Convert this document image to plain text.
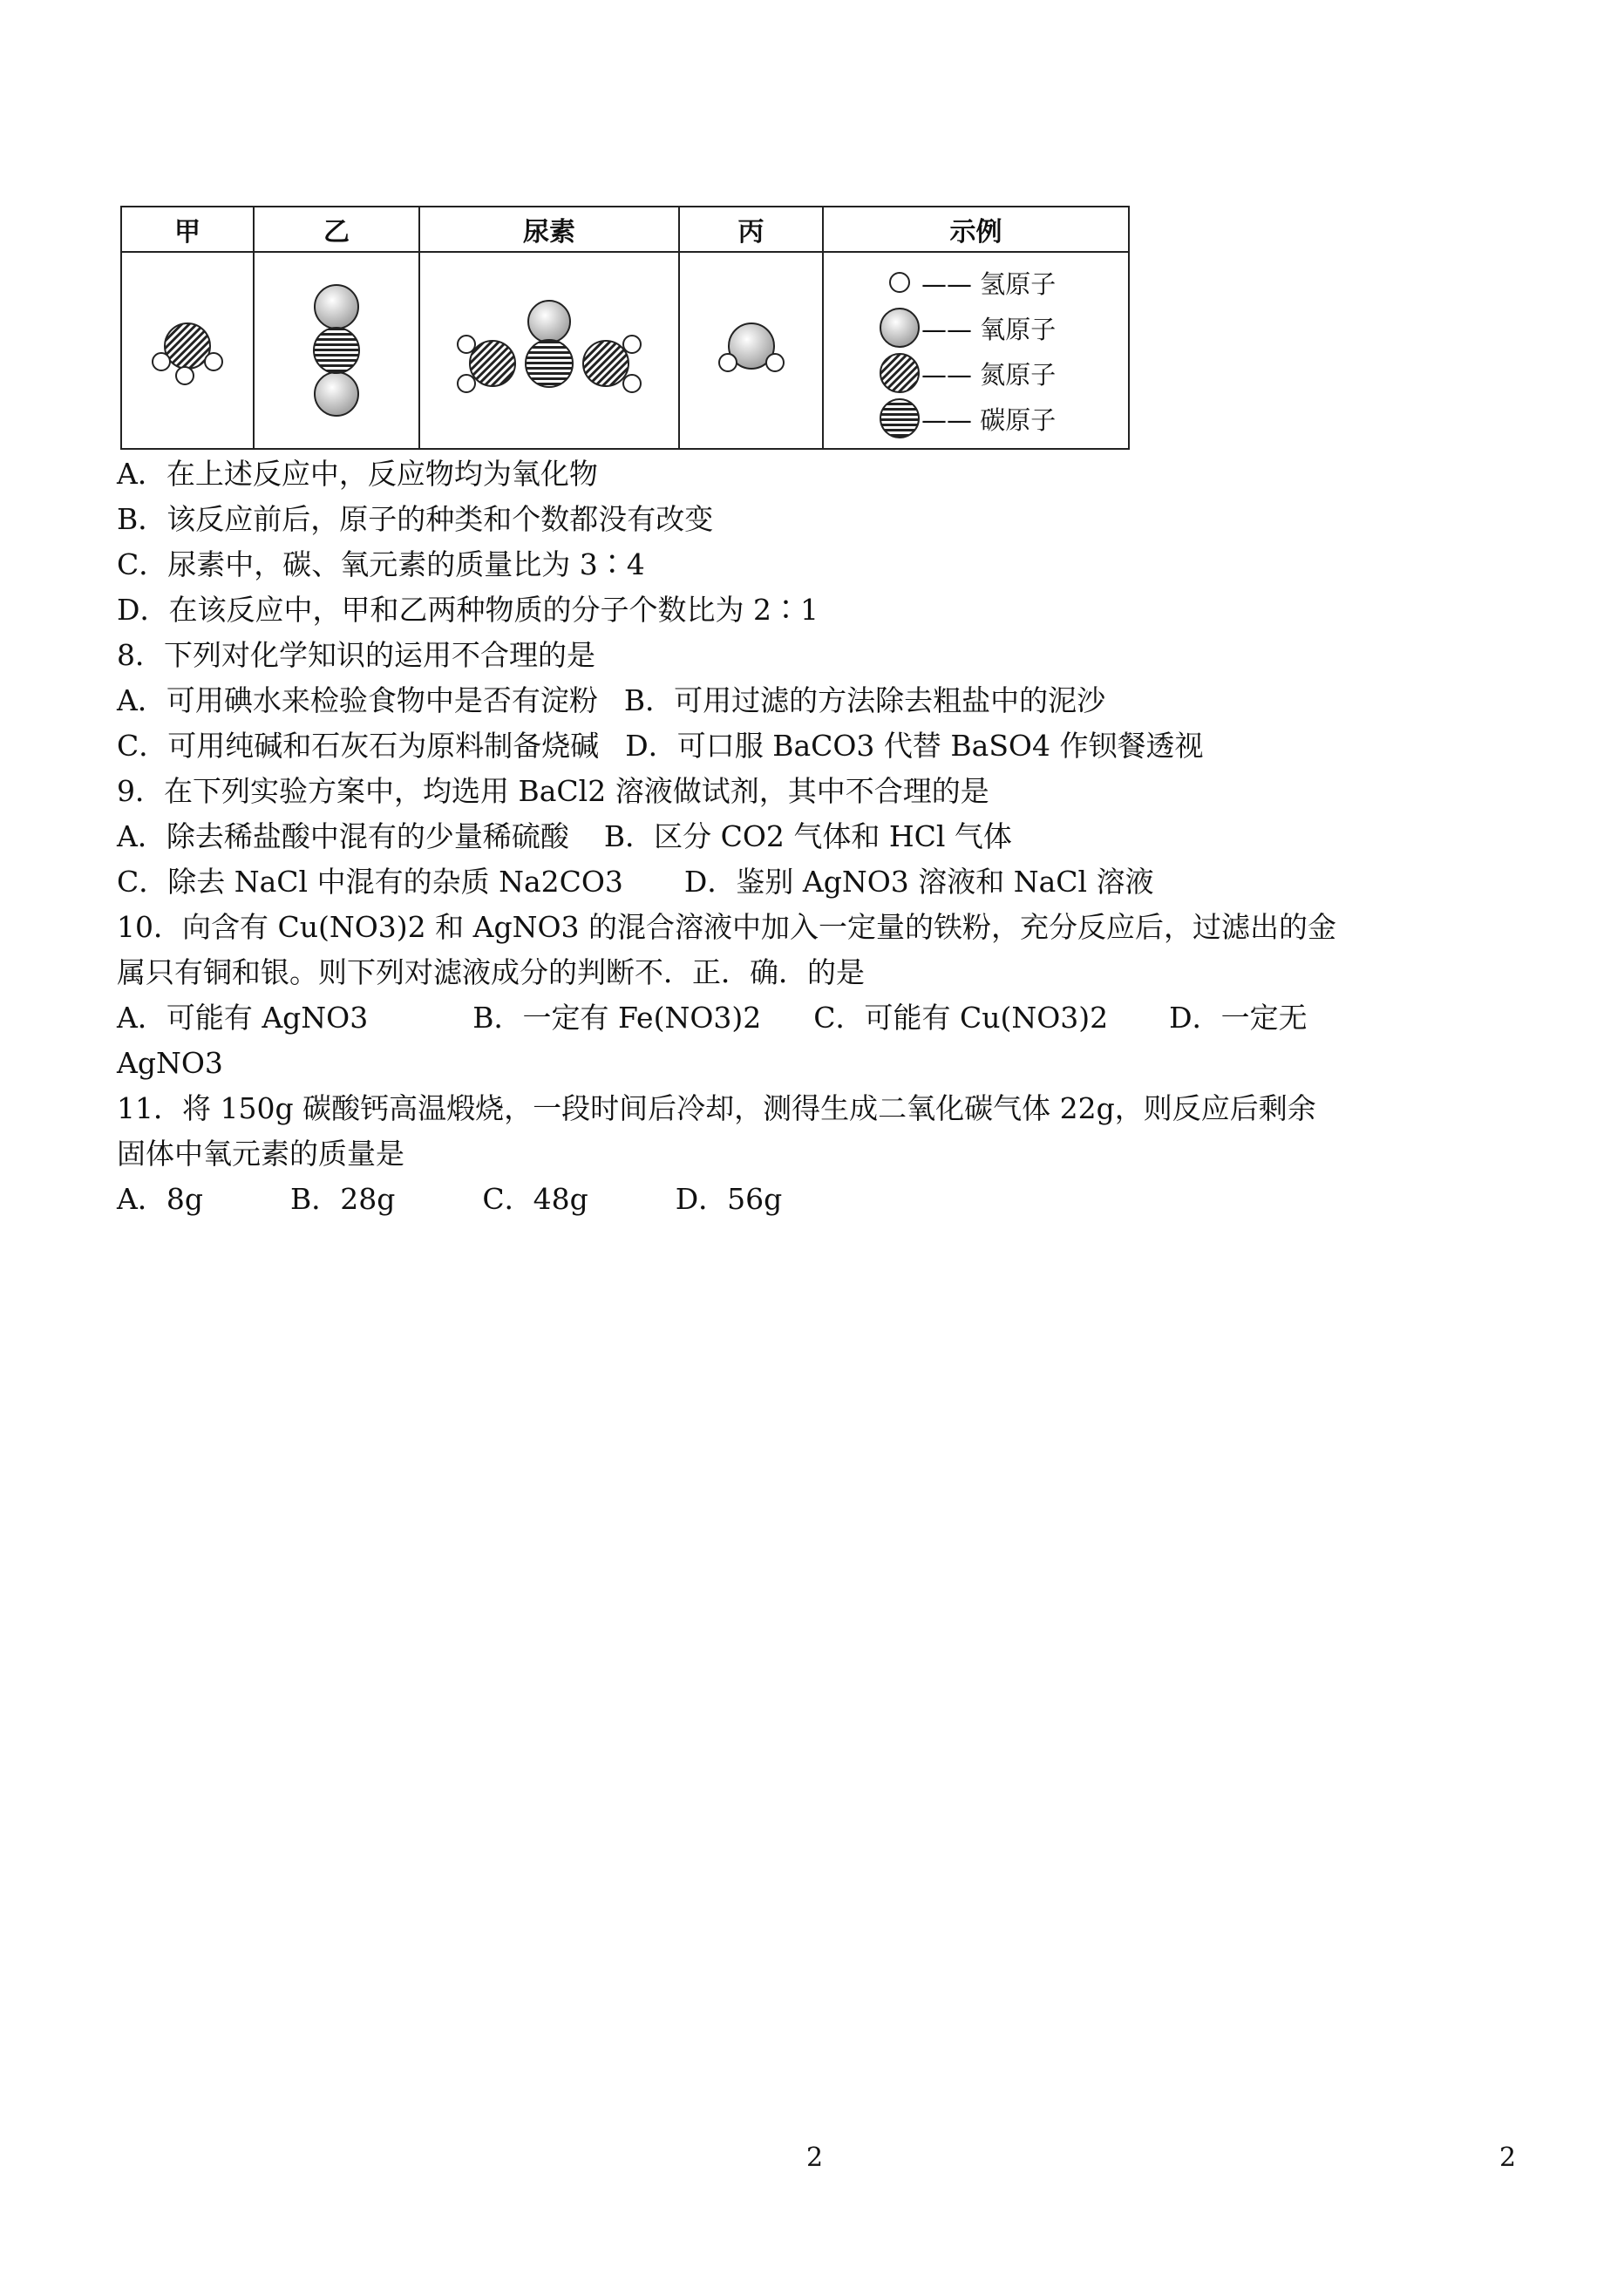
甲	乙	尿素	丙	示例

—— 氢原子
—— 氧原子
—— 氮原子
—— 碳原子
A．在上述反应中，反应物均为氧化物
B．该反应前后，原子的种类和个数都没有改变
C．尿素中，碳、氧元素的质量比为 3∶4
D．在该反应中，甲和乙两种物质的分子个数比为 2∶1
8．下列对化学知识的运用不合理的是
A．可用碘水来检验食物中是否有淀粉 B．可用过滤的方法除去粗盐中的泥沙
C．可用纯碱和石灰石为原料制备烧碱 D．可口服 BaCO3 代替 BaSO4 作钡餐透视
9．在下列实验方案中，均选用 BaCl2 溶液做试剂，其中不合理的是
A．除去稀盐酸中混有的少量稀硫酸 B．区分 CO2 气体和 HCl 气体
C．除去 NaCl 中混有的杂质 Na2CO3 D．鉴别 AgNO3 溶液和 NaCl 溶液
10．向含有 Cu(NO3)2 和 AgNO3 的混合溶液中加入一定量的铁粉，充分反应后，过滤出的金
属只有铜和银。则下列对滤液成分的判断不．正．确．的是
A．可能有 AgNO3	B．一定有 Fe(NO3)2 C．可能有 Cu(NO3)2 D．一定无
AgNO3
11．将 150g 碳酸钙高温煅烧，一段时间后冷却，测得生成二氧化碳气体 22g，则反应后剩余
固体中氧元素的质量是
A．8g	B．28g	C．48g	D．56g
2	2
